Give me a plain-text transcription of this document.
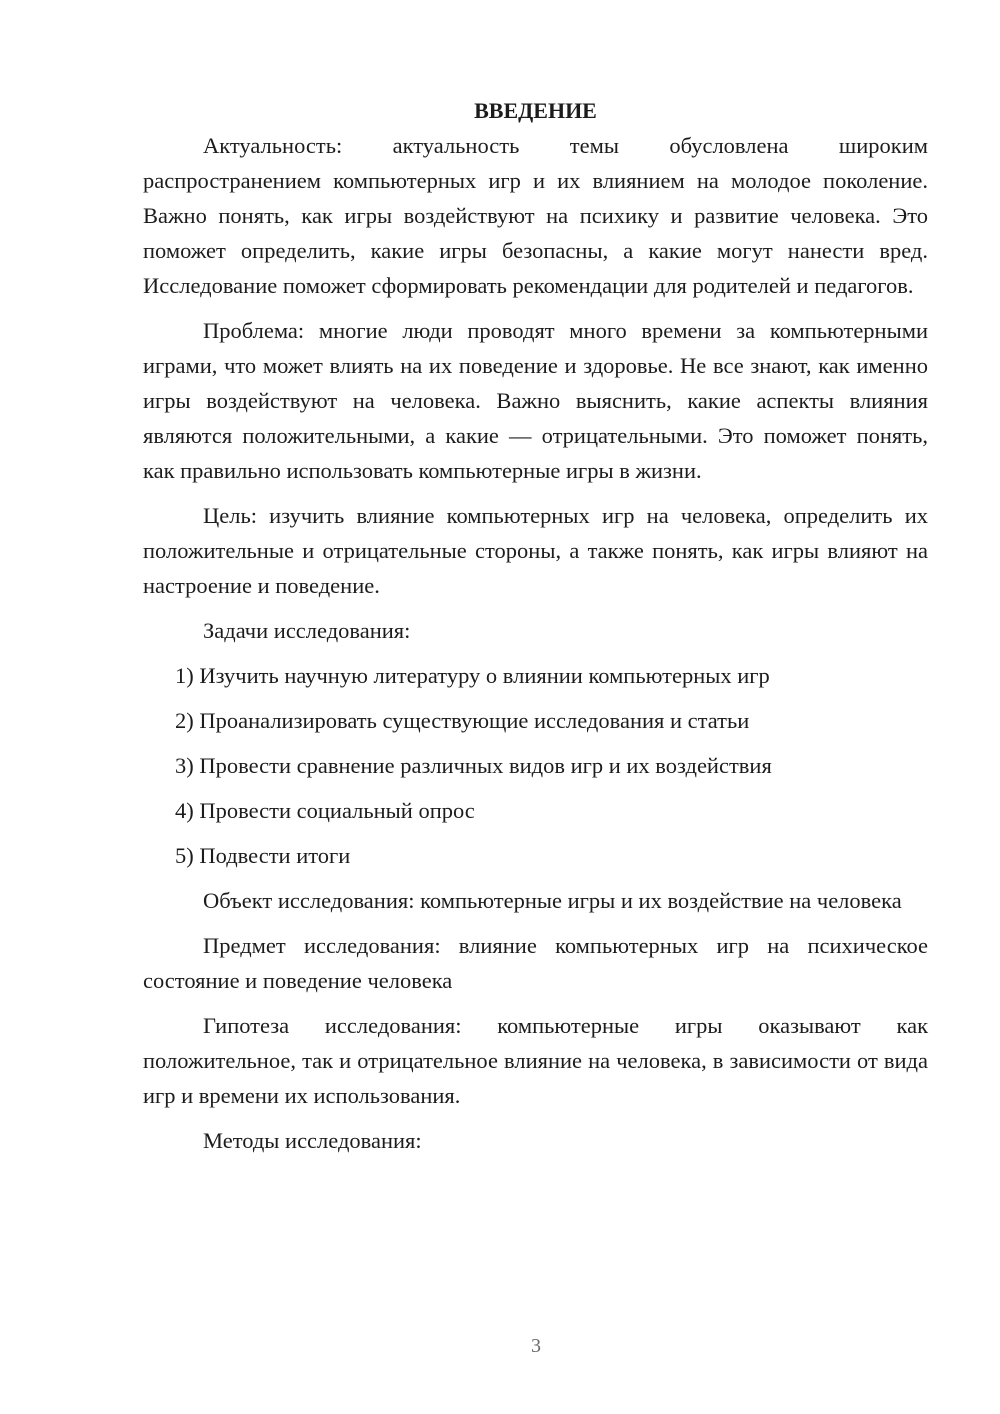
ВВЕДЕНИЕ

Актуальность: актуальность темы обусловлена широким распространением компьютерных игр и их влиянием на молодое поколение. Важно понять, как игры воздействуют на психику и развитие человека. Это поможет определить, какие игры безопасны, а какие могут нанести вред. Исследование поможет сформировать рекомендации для родителей и педагогов.

Проблема: многие люди проводят много времени за компьютерными играми, что может влиять на их поведение и здоровье. Не все знают, как именно игры воздействуют на человека. Важно выяснить, какие аспекты влияния являются положительными, а какие — отрицательными. Это поможет понять, как правильно использовать компьютерные игры в жизни.

Цель: изучить влияние компьютерных игр на человека, определить их положительные и отрицательные стороны, а также понять, как игры влияют на настроение и поведение.

Задачи исследования:

1) Изучить научную литературу о влиянии компьютерных игр
2) Проанализировать существующие исследования и статьи
3) Провести сравнение различных видов игр и их воздействия
4) Провести социальный опрос
5) Подвести итоги

Объект исследования: компьютерные игры и их воздействие на человека

Предмет исследования: влияние компьютерных игр на психическое состояние и поведение человека

Гипотеза исследования: компьютерные игры оказывают как положительное, так и отрицательное влияние на человека, в зависимости от вида игр и времени их использования.

Методы исследования:

3
